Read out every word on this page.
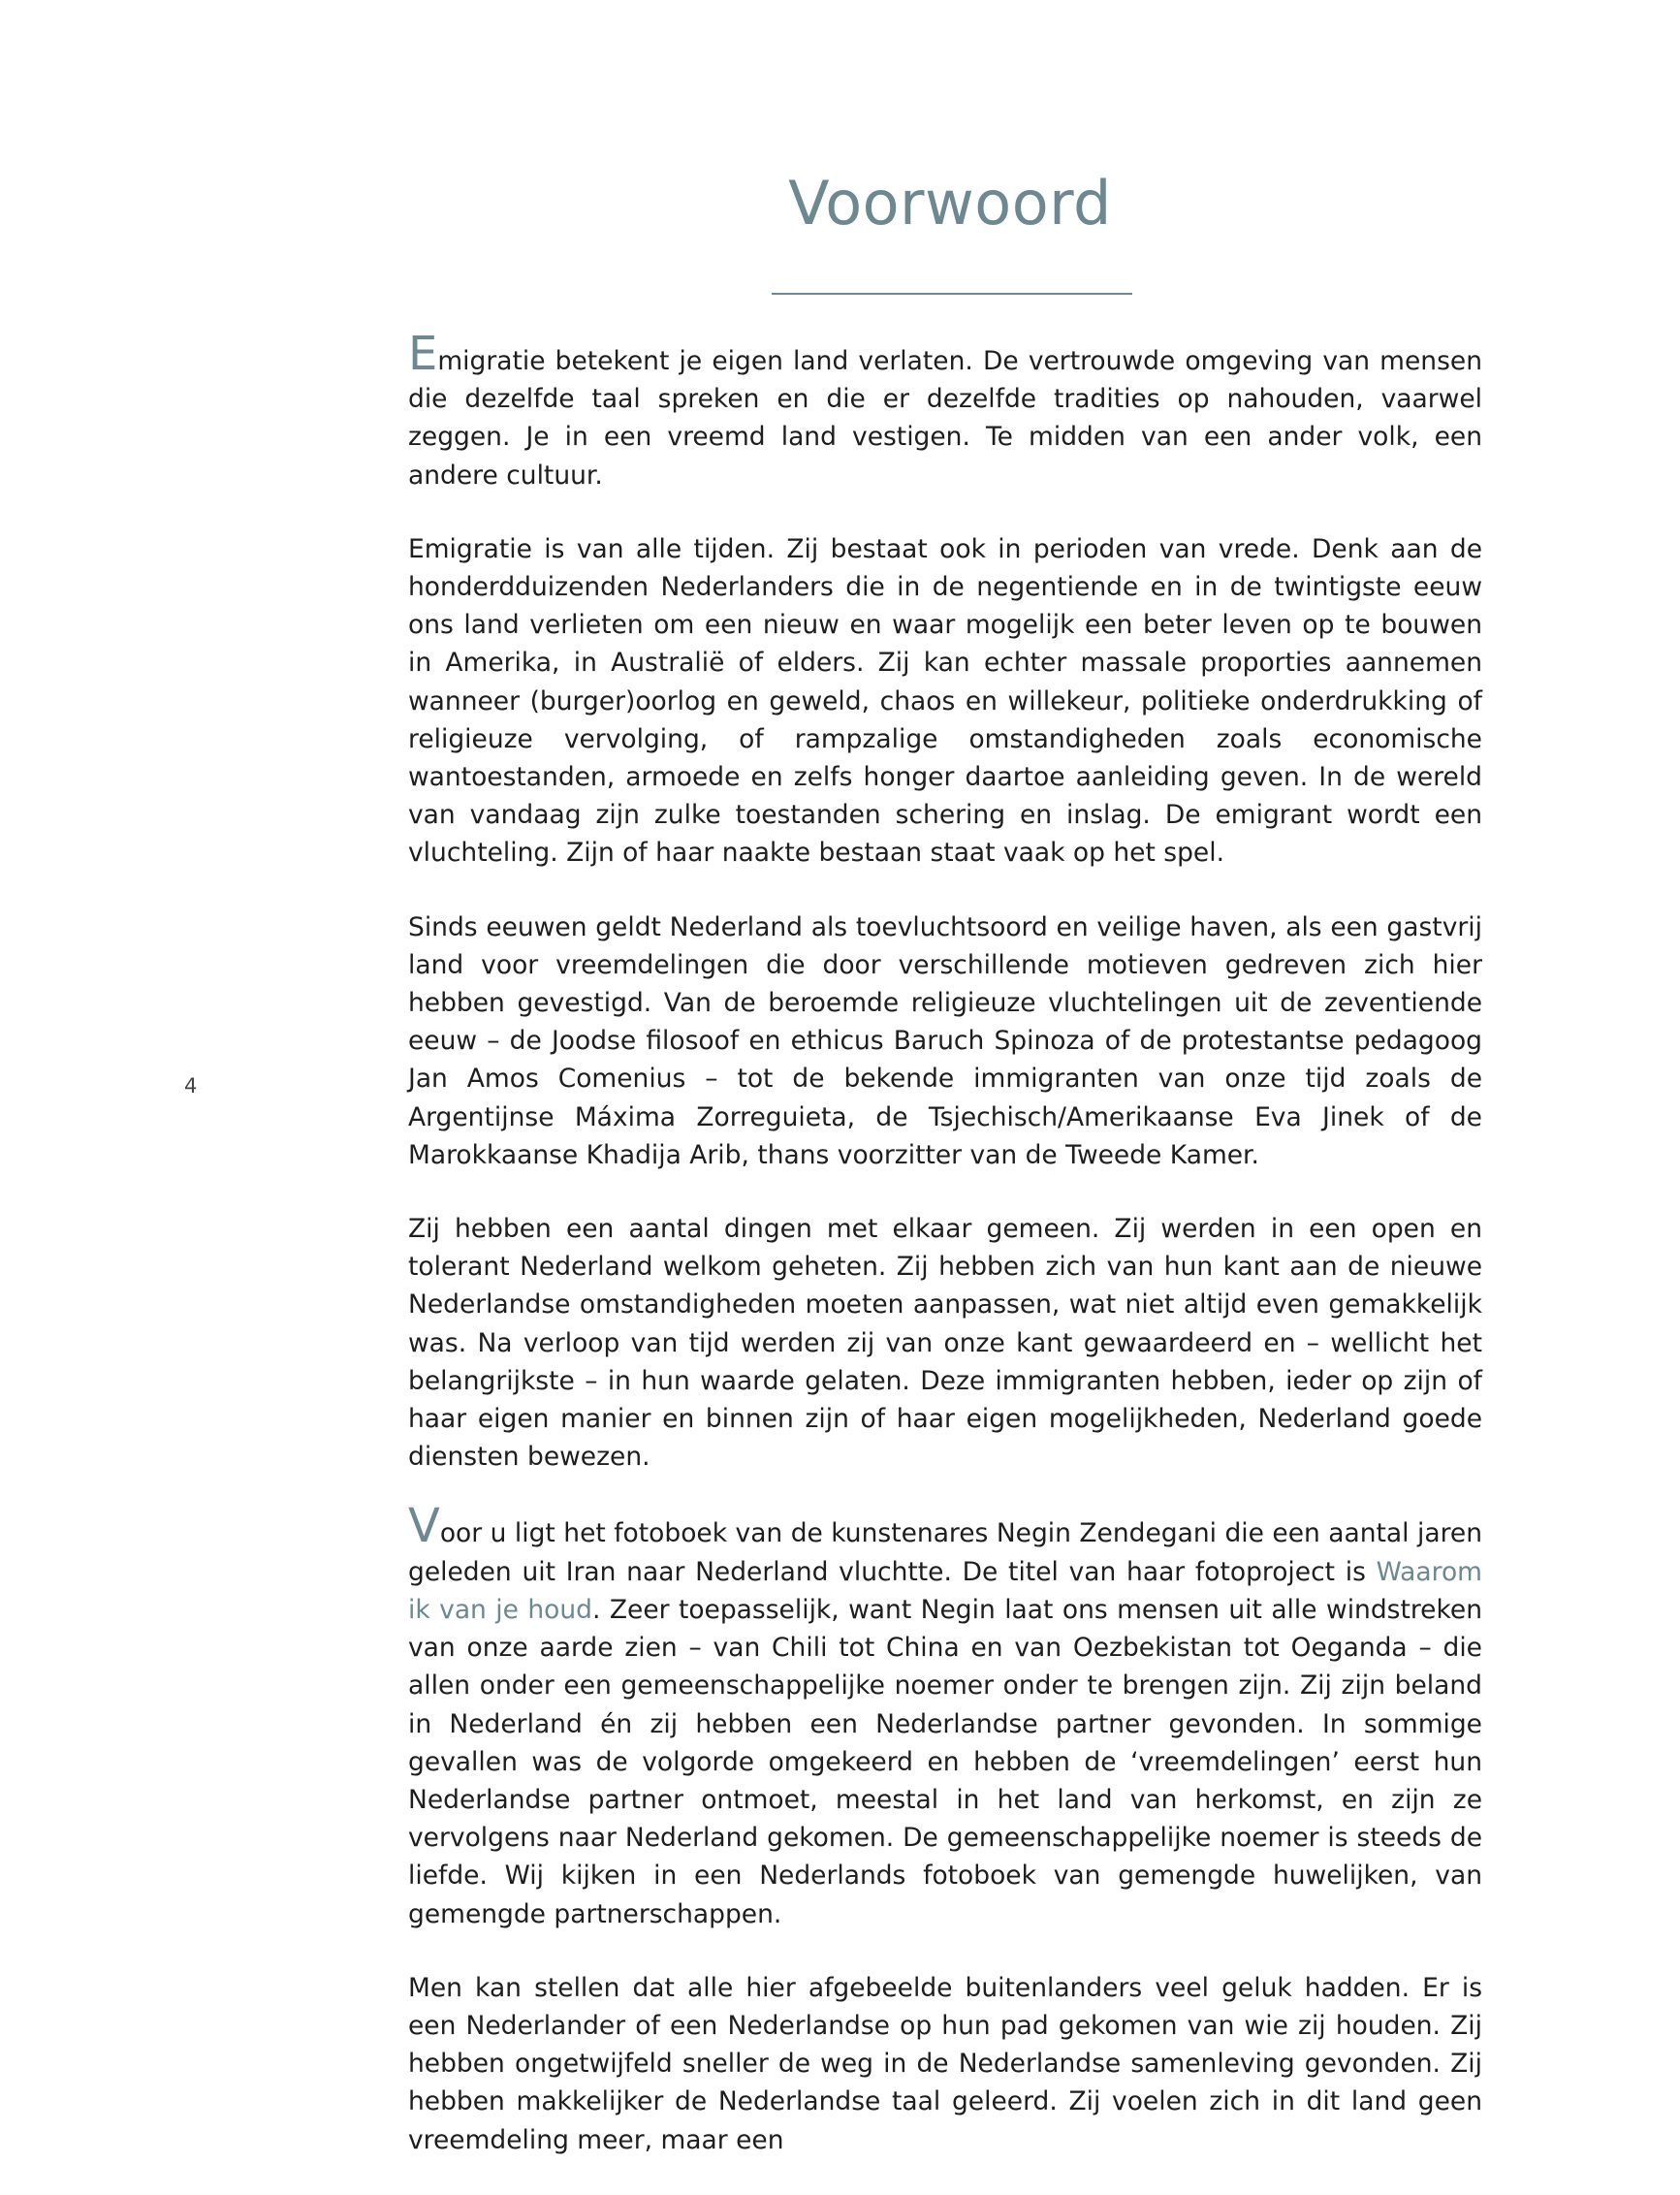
Voorwoord
4

Emigratie betekent je eigen land verlaten. De vertrouwde omgeving van mensen die dezelfde taal spreken en die er dezelfde tradities op nahouden, vaarwel zeggen. Je in een vreemd land vestigen. Te midden van een ander volk, een andere cultuur.

Emigratie is van alle tijden. Zij bestaat ook in perioden van vrede. Denk aan de honderdduizenden Nederlanders die in de negentiende en in de twintigste eeuw ons land verlieten om een nieuw en waar mogelijk een beter leven op te bouwen in Amerika, in Australië of elders. Zij kan echter massale proporties aannemen wanneer (burger)oorlog en geweld, chaos en willekeur, politieke onderdrukking of religieuze vervolging, of rampzalige omstandigheden zoals economische wantoestanden, armoede en zelfs honger daartoe aanleiding geven. In de wereld van vandaag zijn zulke toestanden schering en inslag. De emigrant wordt een vluchteling. Zijn of haar naakte bestaan staat vaak op het spel.

Sinds eeuwen geldt Nederland als toevluchtsoord en veilige haven, als een gastvrij land voor vreemdelingen die door verschillende motieven gedreven zich hier hebben gevestigd. Van de beroemde religieuze vluchtelingen uit de zeventiende eeuw – de Joodse filosoof en ethicus Baruch Spinoza of de protestantse pedagoog Jan Amos Comenius – tot de bekende immigranten van onze tijd zoals de Argentijnse Máxima Zorreguieta, de Tsjechisch/Amerikaanse Eva Jinek of de Marokkaanse Khadija Arib, thans voorzitter van de Tweede Kamer.

Zij hebben een aantal dingen met elkaar gemeen. Zij werden in een open en tolerant Nederland welkom geheten. Zij hebben zich van hun kant aan de nieuwe Nederlandse omstandigheden moeten aanpassen, wat niet altijd even gemakkelijk was. Na verloop van tijd werden zij van onze kant gewaardeerd en – wellicht het belangrijkste – in hun waarde gelaten. Deze immigranten hebben, ieder op zijn of haar eigen manier en binnen zijn of haar eigen mogelijkheden, Nederland goede diensten bewezen.

Voor u ligt het fotoboek van de kunstenares Negin Zendegani die een aantal jaren geleden uit Iran naar Nederland vluchtte. De titel van haar fotoproject is Waarom ik van je houd. Zeer toepasselijk, want Negin laat ons mensen uit alle windstreken van onze aarde zien – van Chili tot China en van Oezbekistan tot Oeganda – die allen onder een gemeenschappelijke noemer onder te brengen zijn. Zij zijn beland in Nederland én zij hebben een Nederlandse partner gevonden. In sommige gevallen was de volgorde omgekeerd en hebben de ‘vreemdelingen’ eerst hun Nederlandse partner ontmoet, meestal in het land van herkomst, en zijn ze vervolgens naar Nederland gekomen. De gemeenschappelijke noemer is steeds de liefde. Wij kijken in een Nederlands fotoboek van gemengde huwelijken, van gemengde partnerschappen.

Men kan stellen dat alle hier afgebeelde buitenlanders veel geluk hadden. Er is een Nederlander of een Nederlandse op hun pad gekomen van wie zij houden. Zij hebben ongetwijfeld sneller de weg in de Nederlandse samenleving gevonden. Zij hebben makkelijker de Nederlandse taal geleerd. Zij voelen zich in dit land geen vreemdeling meer, maar een
